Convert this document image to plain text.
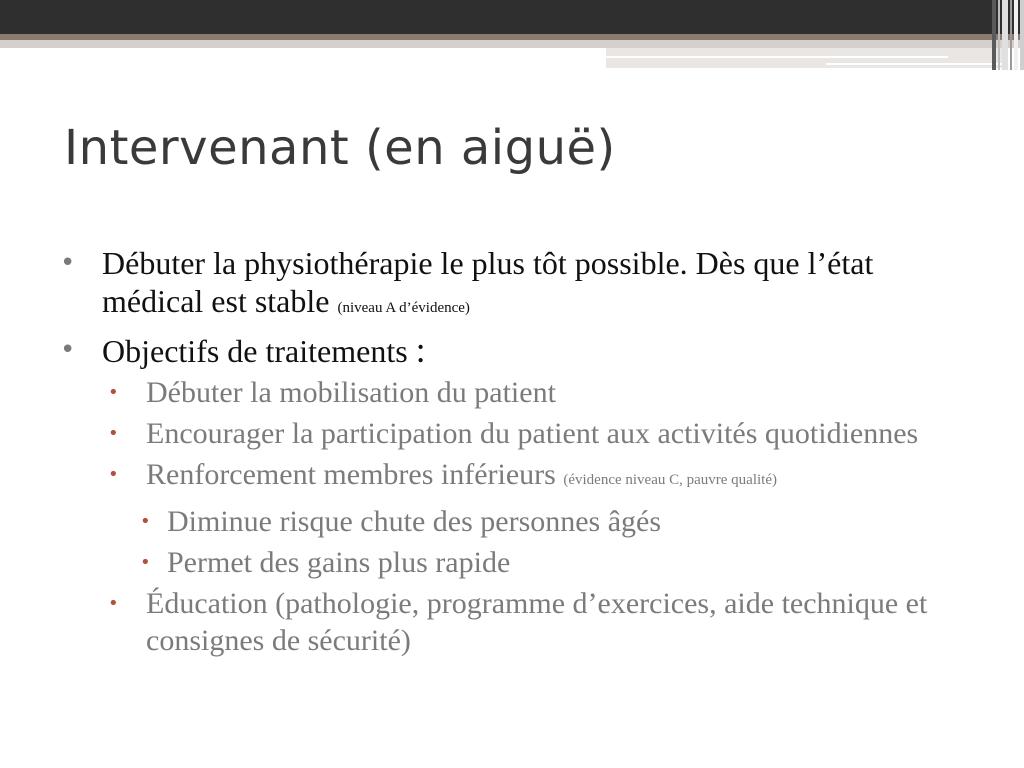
Intervenant (en aiguë)
• Débuter la physiothérapie le plus tôt possible. Dès que l’état médical est stable (niveau A d’évidence)
• Objectifs de traitements :
• Débuter la mobilisation du patient
• Encourager la participation du patient aux activités quotidiennes
• Renforcement membres inférieurs (évidence niveau C, pauvre qualité)
• Diminue risque chute des personnes âgés
• Permet des gains plus rapide
• Éducation (pathologie, programme d’exercices, aide technique et consignes de sécurité)
